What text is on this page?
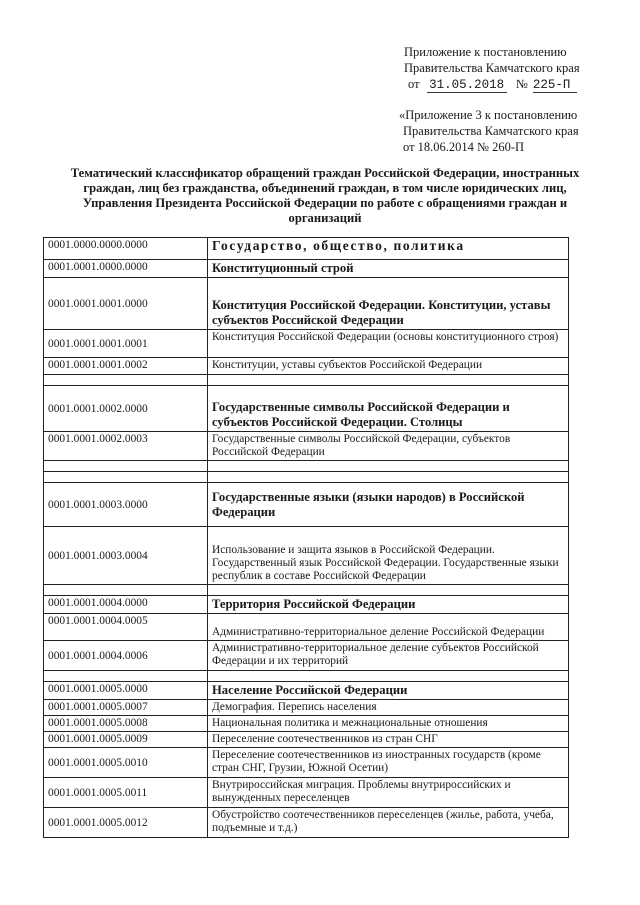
Приложение к постановлению
Правительства Камчатского края
от 31.05.2018 № 225-П
«Приложение 3 к постановлению
Правительства Камчатского края
от 18.06.2014 № 260-П
Тематический классификатор обращений граждан Российской Федерации, иностранных граждан, лиц без гражданства, объединений граждан, в том числе юридических лиц, Управления Президента Российской Федерации по работе с обращениями граждан и организаций
0001.0000.0000.0000	Государство, общество, политика
0001.0001.0000.0000	Конституционный строй
0001.0001.0001.0000	Конституция Российской Федерации. Конституции, уставы субъектов Российской Федерации
0001.0001.0001.0001	Конституция Российской Федерации (основы конституционного строя)
0001.0001.0001.0002	Конституции, уставы субъектов Российской Федерации

0001.0001.0002.0000	Государственные символы Российской Федерации и субъектов Российской Федерации. Столицы
0001.0001.0002.0003	Государственные символы Российской Федерации, субъектов Российской Федерации

0001.0001.0003.0000	Государственные языки (языки народов) в Российской Федерации
0001.0001.0003.0004	Использование и защита языков в Российской Федерации. Государственный язык Российской Федерации. Государственные языки республик в составе Российской Федерации

0001.0001.0004.0000	Территория Российской Федерации
0001.0001.0004.0005	Административно-территориальное деление Российской Федерации
0001.0001.0004.0006	Административно-территориальное деление субъектов Российской Федерации и их территорий

0001.0001.0005.0000	Население Российской Федерации
0001.0001.0005.0007	Демография. Перепись населения
0001.0001.0005.0008	Национальная политика и межнациональные отношения
0001.0001.0005.0009	Переселение соотечественников из стран СНГ
0001.0001.0005.0010	Переселение соотечественников из иностранных государств (кроме стран СНГ, Грузии, Южной Осетии)
0001.0001.0005.0011	Внутрироссийская миграция. Проблемы внутрироссийских и вынужденных переселенцев
0001.0001.0005.0012	Обустройство соотечественников переселенцев (жилье, работа, учеба, подъемные и т.д.)
